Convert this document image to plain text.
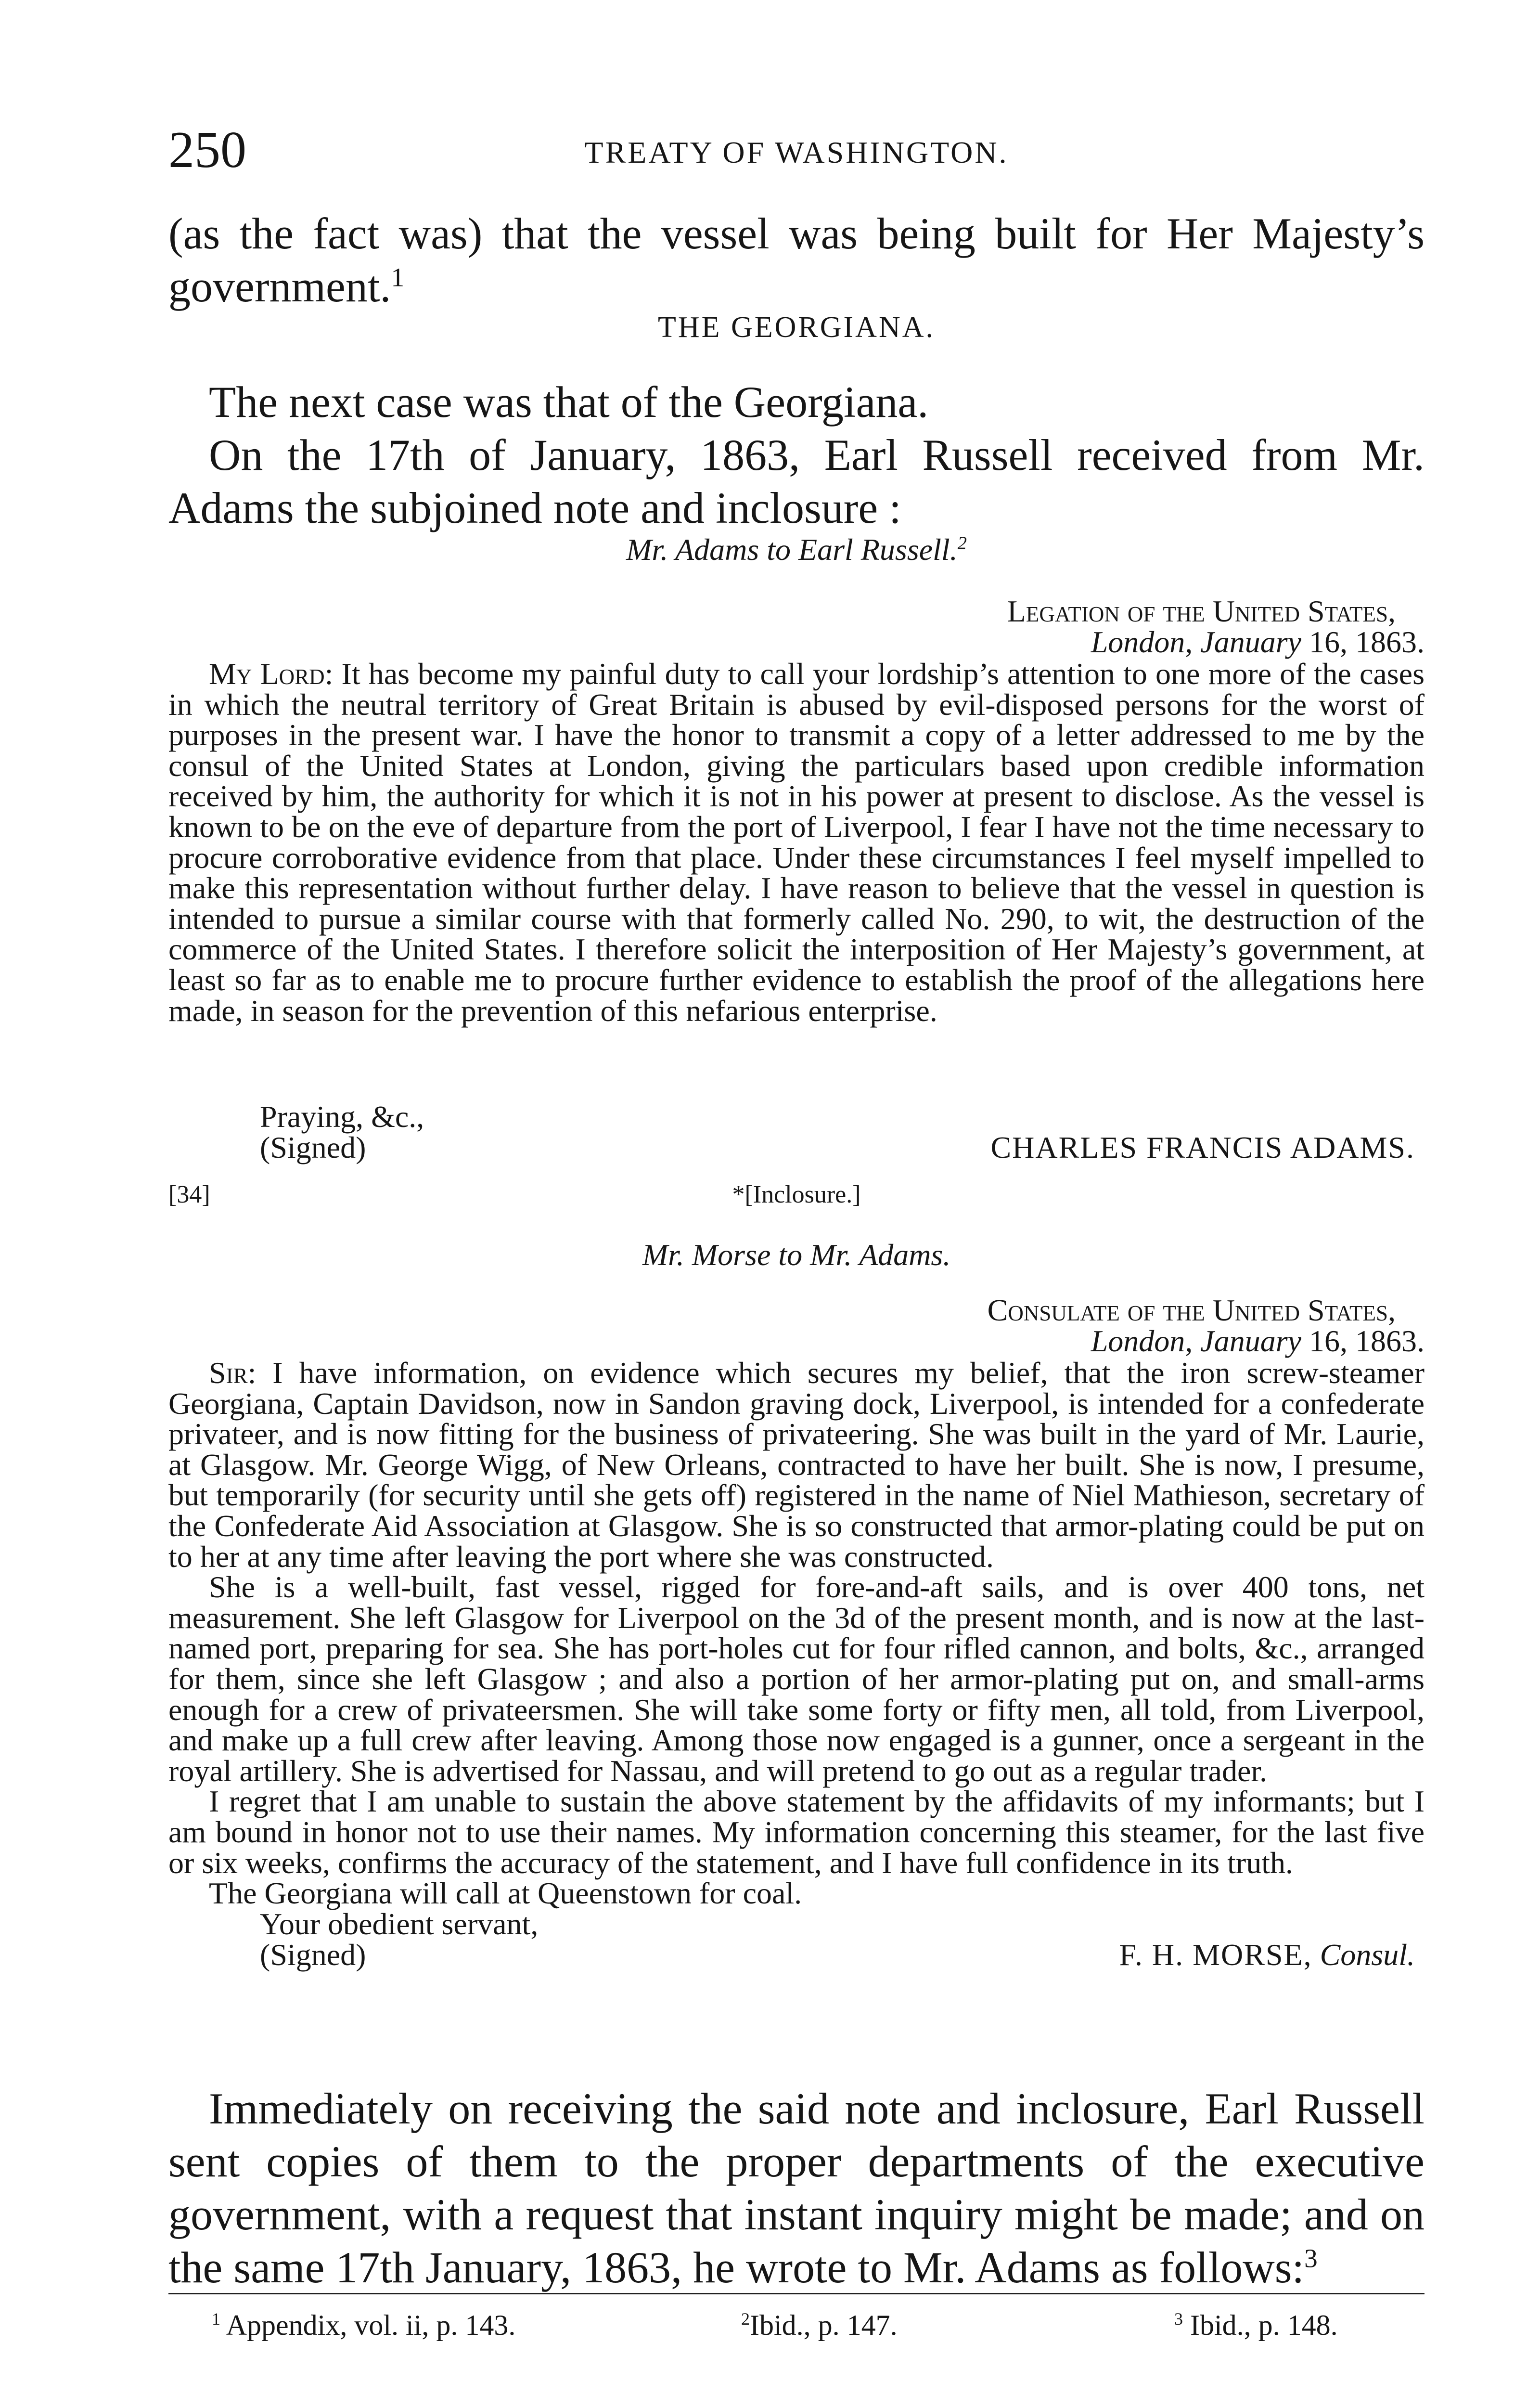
250	TREATY OF WASHINGTON.

(as the fact was) that the vessel was being built for Her Majesty’s government.$^1$

THE GEORGIANA.

The next case was that of the Georgiana.

On the 17th of January, 1863, Earl Russell received from Mr. Adams the subjoined note and inclosure :

Mr. Adams to Earl Russell.$^2$

Legation of the United States,

London, January 16, 1863.

My Lord: It has become my painful duty to call your lordship’s attention to one more of the cases in which the neutral territory of Great Britain is abused by evil-disposed persons for the worst of purposes in the present war. I have the honor to transmit a copy of a letter addressed to me by the consul of the United States at London, giving the particulars based upon credible information received by him, the authority for which it is not in his power at present to disclose. As the vessel is known to be on the eve of departure from the port of Liverpool, I fear I have not the time necessary to procure corroborative evidence from that place. Under these circumstances I feel myself impelled to make this representation without further delay. I have reason to believe that the vessel in question is intended to pursue a similar course with that formerly called No. 290, to wit, the destruction of the commerce of the United States. I therefore solicit the interposition of Her Majesty’s government, at least so far as to enable me to procure further evidence to establish the proof of the allegations here made, in season for the prevention of this nefarious enterprise.

Praying, &c.,
(Signed)	CHARLES FRANCIS ADAMS.
[34]	*[Inclosure.]

Mr. Morse to Mr. Adams.

Consulate of the United States,

London, January 16, 1863.

Sir: I have information, on evidence which secures my belief, that the iron screw-steamer Georgiana, Captain Davidson, now in Sandon graving dock, Liverpool, is intended for a confederate privateer, and is now fitting for the business of privateering. She was built in the yard of Mr. Laurie, at Glasgow. Mr. George Wigg, of New Orleans, contracted to have her built. She is now, I presume, but temporarily (for security until she gets off) registered in the name of Niel Mathieson, secretary of the Confederate Aid Association at Glasgow. She is so constructed that armor-plating could be put on to her at any time after leaving the port where she was constructed.

She is a well-built, fast vessel, rigged for fore-and-aft sails, and is over 400 tons, net measurement. She left Glasgow for Liverpool on the 3d of the present month, and is now at the last-named port, preparing for sea. She has port-holes cut for four rifled cannon, and bolts, &c., arranged for them, since she left Glasgow ; and also a portion of her armor-plating put on, and small-arms enough for a crew of privateersmen. She will take some forty or fifty men, all told, from Liverpool, and make up a full crew after leaving. Among those now engaged is a gunner, once a sergeant in the royal artillery. She is advertised for Nassau, and will pretend to go out as a regular trader.

I regret that I am unable to sustain the above statement by the affidavits of my informants; but I am bound in honor not to use their names. My information concerning this steamer, for the last five or six weeks, confirms the accuracy of the statement, and I have full confidence in its truth.

The Georgiana will call at Queenstown for coal.

Your obedient servant,
(Signed)	F. H. MORSE, Consul.

Immediately on receiving the said note and inclosure, Earl Russell sent copies of them to the proper departments of the executive government, with a request that instant inquiry might be made; and on the same 17th January, 1863, he wrote to Mr. Adams as follows:$^3$

$^1$ Appendix, vol. ii, p. 143.	$^2$Ibid., p. 147.	$^3$ Ibid., p. 148.
